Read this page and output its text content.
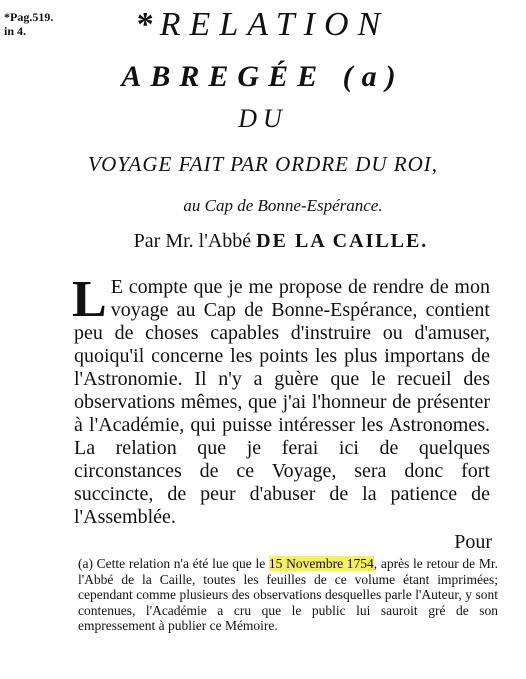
*Pag.519.
in 4.	* RELATION
ABREGÉE (a)
DU
VOYAGE FAIT PAR ORDRE DU ROI,
au Cap de Bonne-Espérance.
Par Mr. l'Abbé DE LA CAILLE.
L E compte que je me propose de rendre de mon voyage au Cap de Bonne-Espérance, contient peu de choses capables d'instruire ou d'amuser, quoiqu'il concerne les points les plus importans de l'Astronomie. Il n'y a guère que le recueil des observations mêmes, que j'ai l'honneur de présenter à l'Académie, qui puisse intéresser les Astronomes. La relation que je ferai ici de quelques circonstances de ce Voyage, sera donc fort succincte, de peur d'abuser de la patience de l'Assemblée.
Pour
(a) Cette relation n'a été lue que le 15 Novembre 1754, après le retour de Mr. l'Abbé de la Caille, toutes les feuilles de ce volume étant imprimées; cependant comme plusieurs des observations desquelles parle l'Auteur, y sont contenues, l'Académie a cru que le public lui sauroit gré de son empressement à publier ce Mémoire.
